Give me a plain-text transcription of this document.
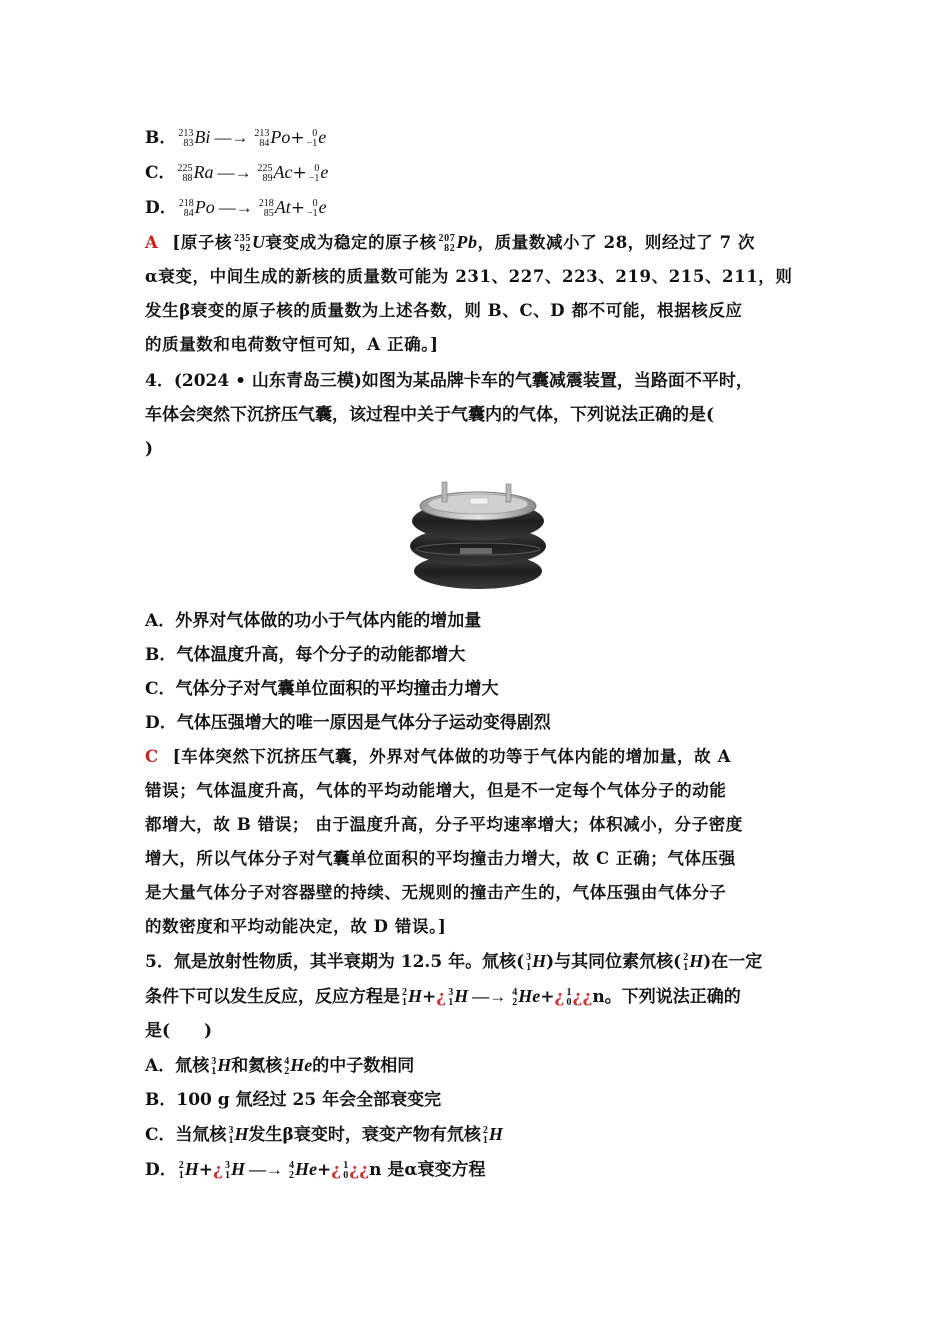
B． 213
83 Bi —→ 213
84 Po+ 0
−1 e
C． 225
88 Ra —→ 225
89 Ac+ 0
−1 e
D． 218
84 Po —→ 218
85 At+ 0
−1 e
A [原子核 235
92 U衰变成为稳定的原子核 207
82 Pb，质量数减小了 28，则经过了 7 次
α衰变，中间生成的新核的质量数可能为 231、227、223、219、215、211，则
发生β衰变的原子核的质量数为上述各数，则 B、C、D 都不可能，根据核反应
的质量数和电荷数守恒可知，A 正确。]
4．(2024 • 山东青岛三模)如图为某品牌卡车的气囊减震装置，当路面不平时，
车体会突然下沉挤压气囊，该过程中关于气囊内的气体，下列说法正确的是(
)
A．外界对气体做的功小于气体内能的增加量
B．气体温度升高，每个分子的动能都增大
C．气体分子对气囊单位面积的平均撞击力增大
D．气体压强增大的唯一原因是气体分子运动变得剧烈
C [车体突然下沉挤压气囊，外界对气体做的功等于气体内能的增加量，故 A
错误；气体温度升高，气体的平均动能增大，但是不一定每个气体分子的动能
都增大，故 B 错误； 由于温度升高，分子平均速率增大；体积减小，分子密度
增大，所以气体分子对气囊单位面积的平均撞击力增大，故 C 正确；气体压强
是大量气体分子对容器壁的持续、无规则的撞击产生的，气体压强由气体分子
的数密度和平均动能决定，故 D 错误。]
5．氚是放射性物质，其半衰期为 12.5 年。氚核( 3
1 H)与其同位素氘核( 2
1 H)在一定
条件下可以发生反应，反应方程是 2
1 H+¿ 3
1 H —→ 4
2 He+¿ 1
0 ¿¿n。下列说法正确的
是(　　)
A．氚核 3
1 H和氦核 4
2 He的中子数相同
B．100 g 氚经过 25 年会全部衰变完
C．当氚核 3
1 H发生β衰变时，衰变产物有氘核 2
1 H
D． 2
1 H+¿ 3
1 H —→ 4
2 He+¿ 1
0 ¿¿n 是α衰变方程
